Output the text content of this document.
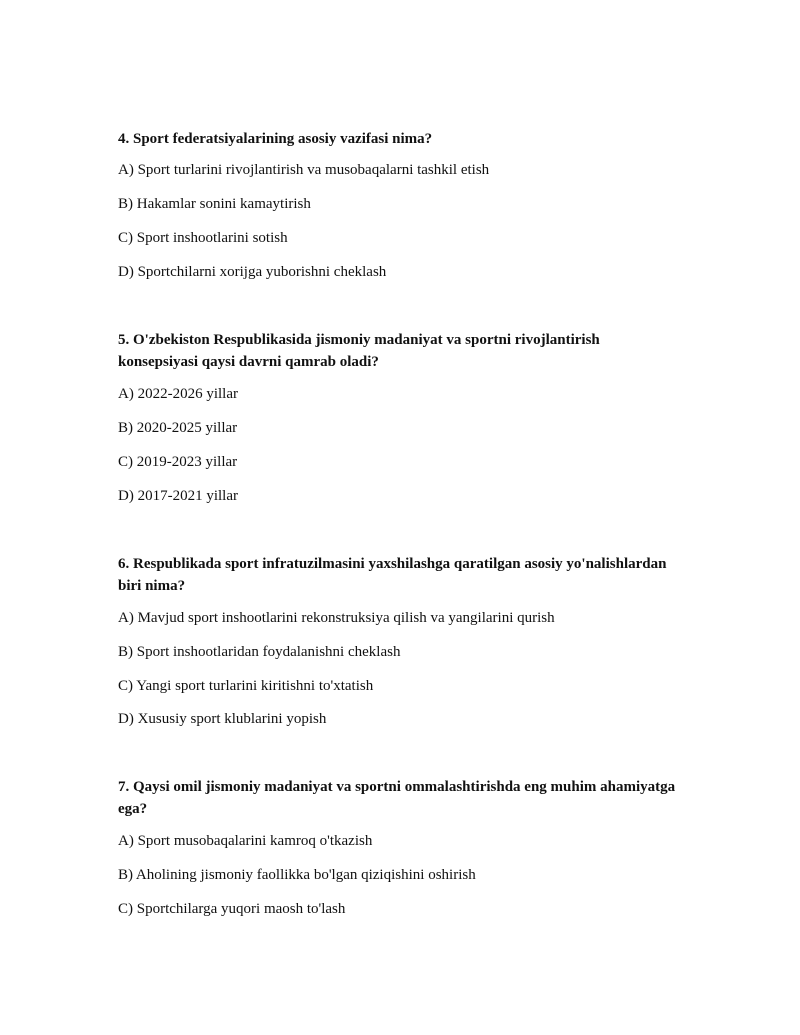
4. Sport federatsiyalarining asosiy vazifasi nima?

A) Sport turlarini rivojlantirish va musobaqalarni tashkil etish

B) Hakamlar sonini kamaytirish

C) Sport inshootlarini sotish

D) Sportchilarni xorijga yuborishni cheklash

5. O'zbekiston Respublikasida jismoniy madaniyat va sportni rivojlantirish konsepsiyasi qaysi davrni qamrab oladi?

A) 2022-2026 yillar

B) 2020-2025 yillar

C) 2019-2023 yillar

D) 2017-2021 yillar

6. Respublikada sport infratuzilmasini yaxshilashga qaratilgan asosiy yo'nalishlardan biri nima?

A) Mavjud sport inshootlarini rekonstruksiya qilish va yangilarini qurish

B) Sport inshootlaridan foydalanishni cheklash

C) Yangi sport turlarini kiritishni to'xtatish

D) Xususiy sport klublarini yopish

7. Qaysi omil jismoniy madaniyat va sportni ommalashtirishda eng muhim ahamiyatga ega?

A) Sport musobaqalarini kamroq o'tkazish

B) Aholining jismoniy faollikka bo'lgan qiziqishini oshirish

C) Sportchilarga yuqori maosh to'lash
